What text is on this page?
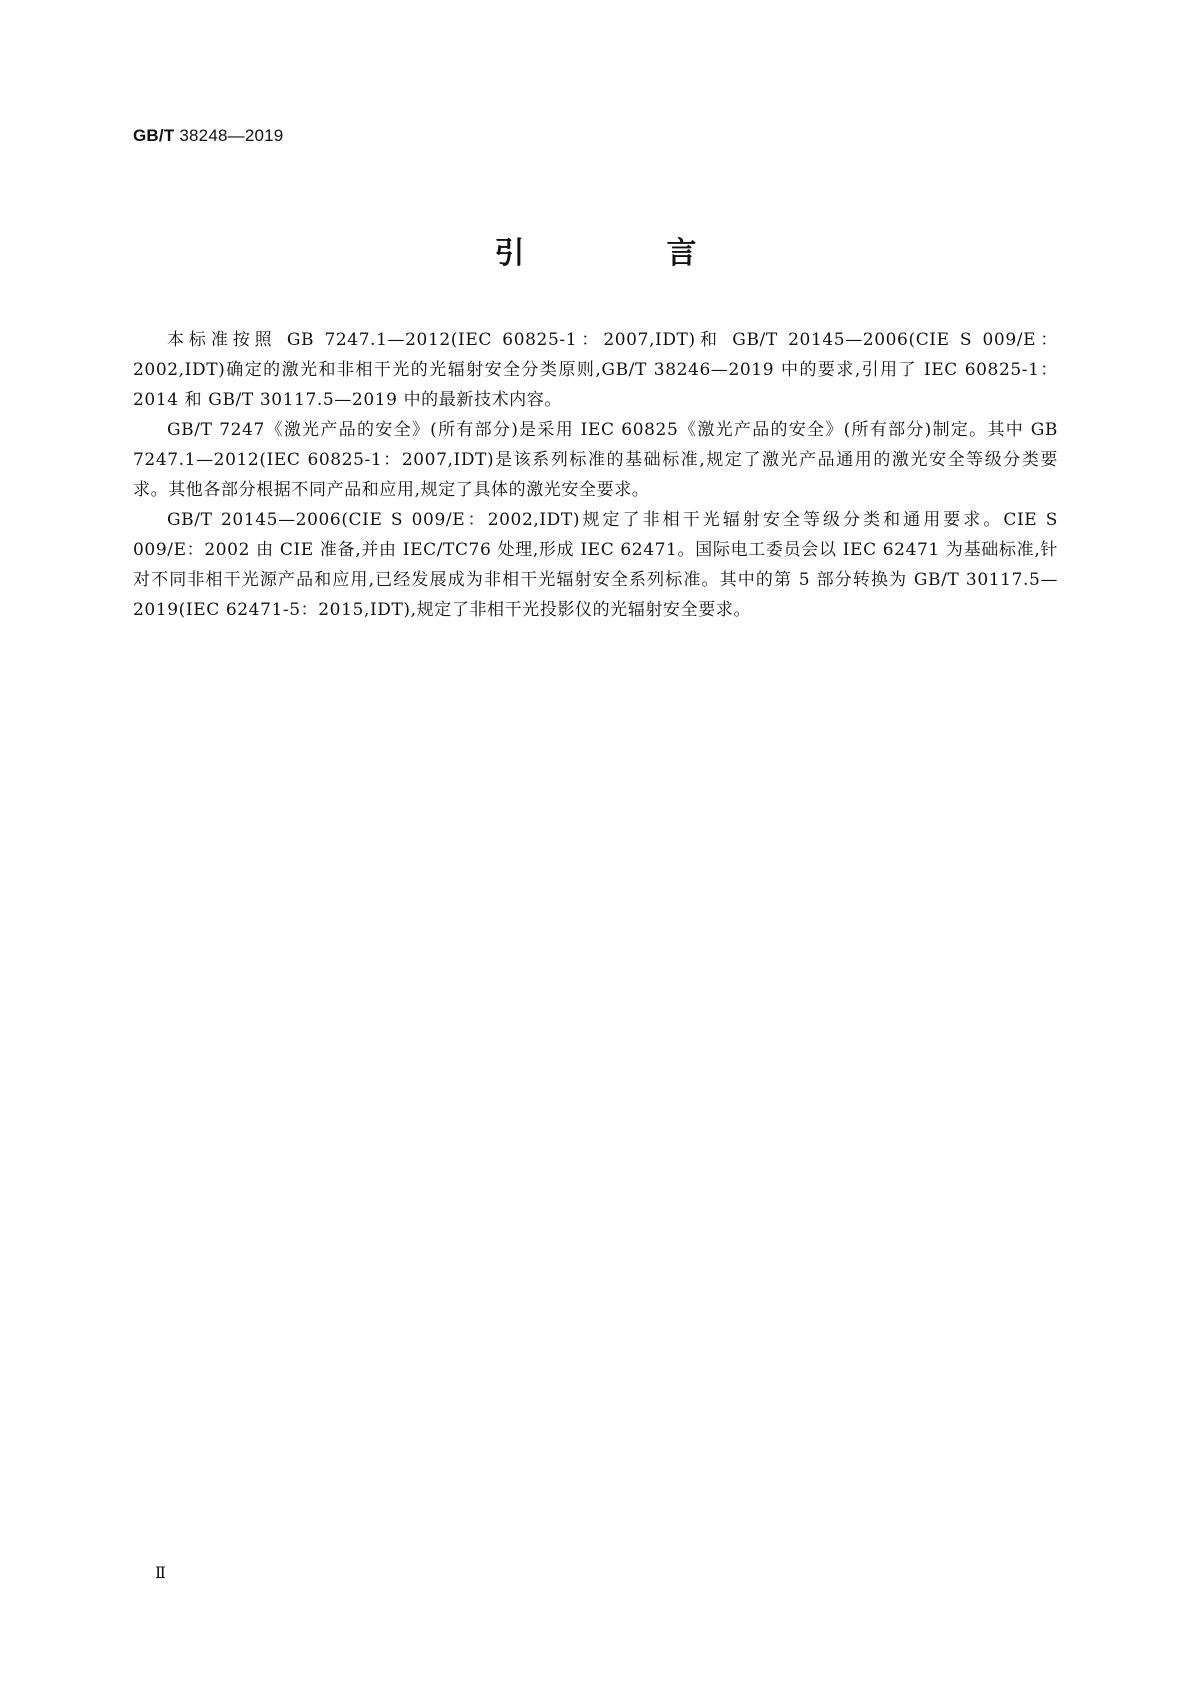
GB/T 38248—2019
引　言

本标准按照 GB 7247.1—2012(IEC 60825-1：2007,IDT)和 GB/T 20145—2006(CIE S 009/E：2002,IDT)确定的激光和非相干光的光辐射安全分类原则,GB/T 38246—2019 中的要求,引用了 IEC 60825-1：2014 和 GB/T 30117.5—2019 中的最新技术内容。

GB/T 7247《激光产品的安全》(所有部分)是采用 IEC 60825《激光产品的安全》(所有部分)制定。其中 GB 7247.1—2012(IEC 60825-1：2007,IDT)是该系列标准的基础标准,规定了激光产品通用的激光安全等级分类要求。其他各部分根据不同产品和应用,规定了具体的激光安全要求。

GB/T 20145—2006(CIE S 009/E：2002,IDT)规定了非相干光辐射安全等级分类和通用要求。CIE S 009/E：2002 由 CIE 准备,并由 IEC/TC76 处理,形成 IEC 62471。国际电工委员会以 IEC 62471 为基础标准,针对不同非相干光源产品和应用,已经发展成为非相干光辐射安全系列标准。其中的第 5 部分转换为 GB/T 30117.5—2019(IEC 62471-5：2015,IDT),规定了非相干光投影仪的光辐射安全要求。

Ⅱ
